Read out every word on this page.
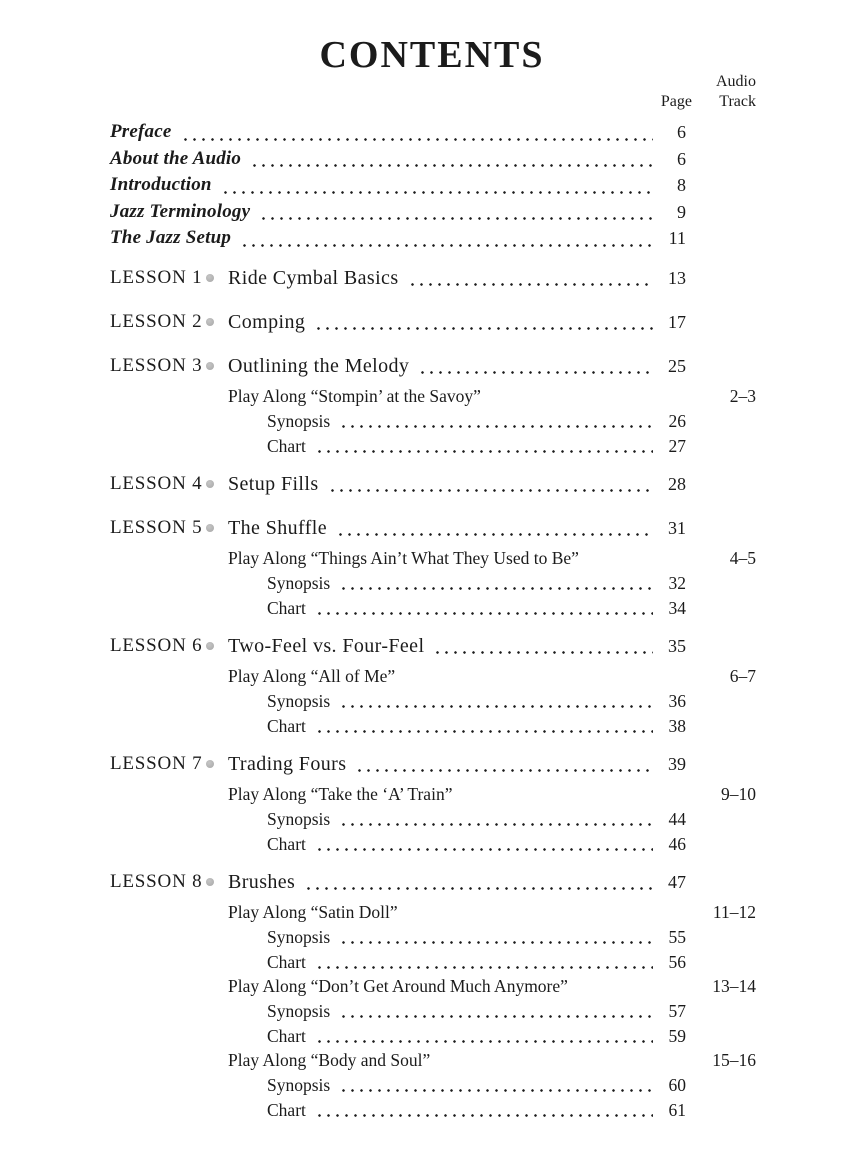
CONTENTS
Audio
Track
Page
Preface	6
About the Audio	6
Introduction	8
Jazz Terminology	9
The Jazz Setup	11
LESSON 1 Ride Cymbal Basics	13
LESSON 2 Comping	17
LESSON 3 Outlining the Melody	25
Play Along “Stompin’ at the Savoy”	2–3
Synopsis	26
Chart	27
LESSON 4 Setup Fills	28
LESSON 5 The Shuffle	31
Play Along “Things Ain’t What They Used to Be”	4–5
Synopsis	32
Chart	34
LESSON 6 Two-Feel vs. Four-Feel	35
Play Along “All of Me”	6–7
Synopsis	36
Chart	38
LESSON 7 Trading Fours	39
Play Along “Take the ‘A’ Train”	9–10
Synopsis	44
Chart	46
LESSON 8 Brushes	47
Play Along “Satin Doll”	11–12
Synopsis	55
Chart	56
Play Along “Don’t Get Around Much Anymore”	13–14
Synopsis	57
Chart	59
Play Along “Body and Soul”	15–16
Synopsis	60
Chart	61
